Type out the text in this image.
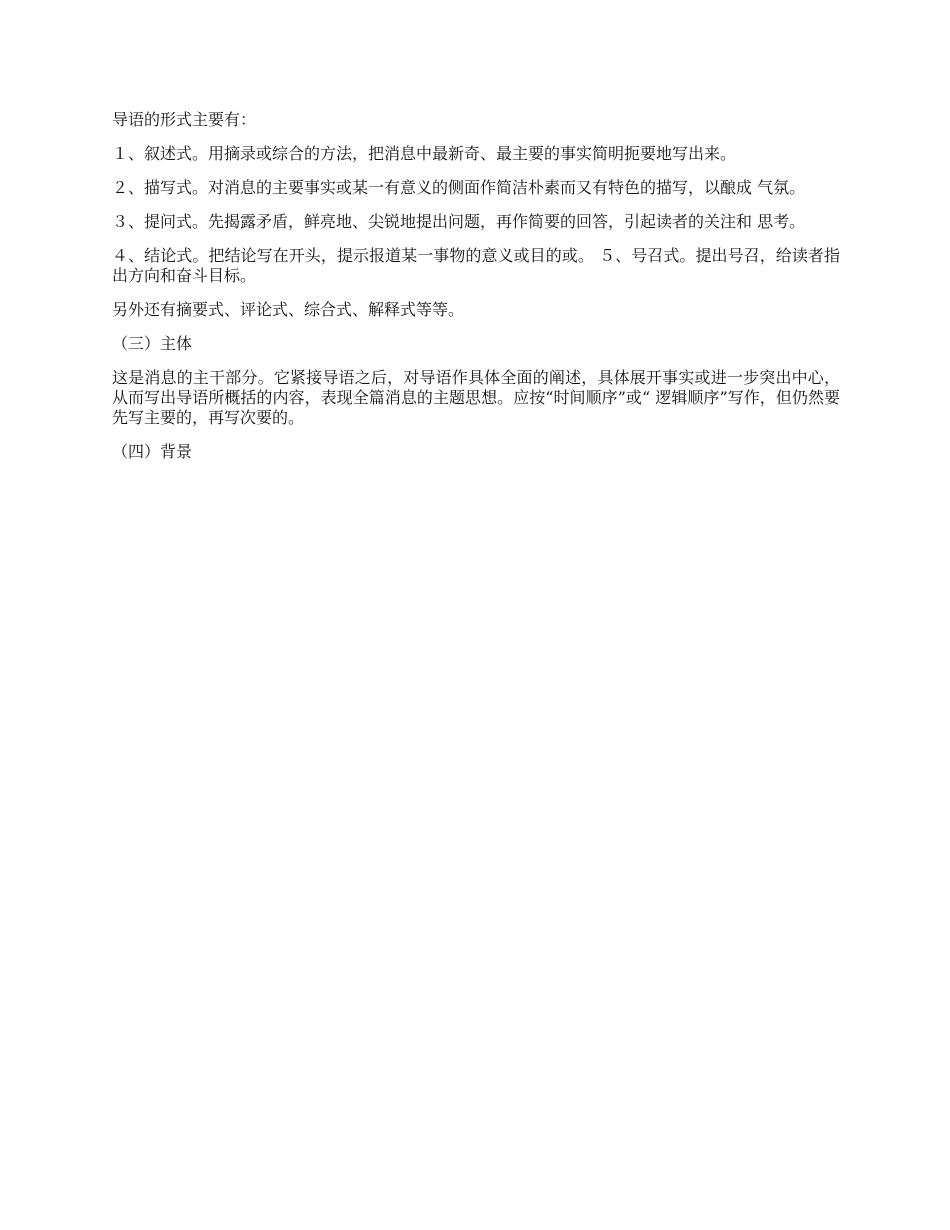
导语的形式主要有：

１、叙述式。用摘录或综合的方法，把消息中最新奇、最主要的事实简明扼要地写出来。

２、描写式。对消息的主要事实或某一有意义的侧面作简洁朴素而又有特色的描写，以酿成 气氛。

３、提问式。先揭露矛盾，鲜亮地、尖锐地提出问题，再作简要的回答，引起读者的关注和 思考。

４、结论式。把结论写在开头，提示报道某一事物的意义或目的或。 ５、号召式。提出号召，给读者指出方向和奋斗目标。

另外还有摘要式、评论式、综合式、解释式等等。

（三）主体

这是消息的主干部分。它紧接导语之后，对导语作具体全面的阐述，具体展开事实或进一步突出中心，从而写出导语所概括的内容，表现全篇消息的主题思想。应按“时间顺序”或“ 逻辑顺序”写作，但仍然要先写主要的，再写次要的。

（四）背景
